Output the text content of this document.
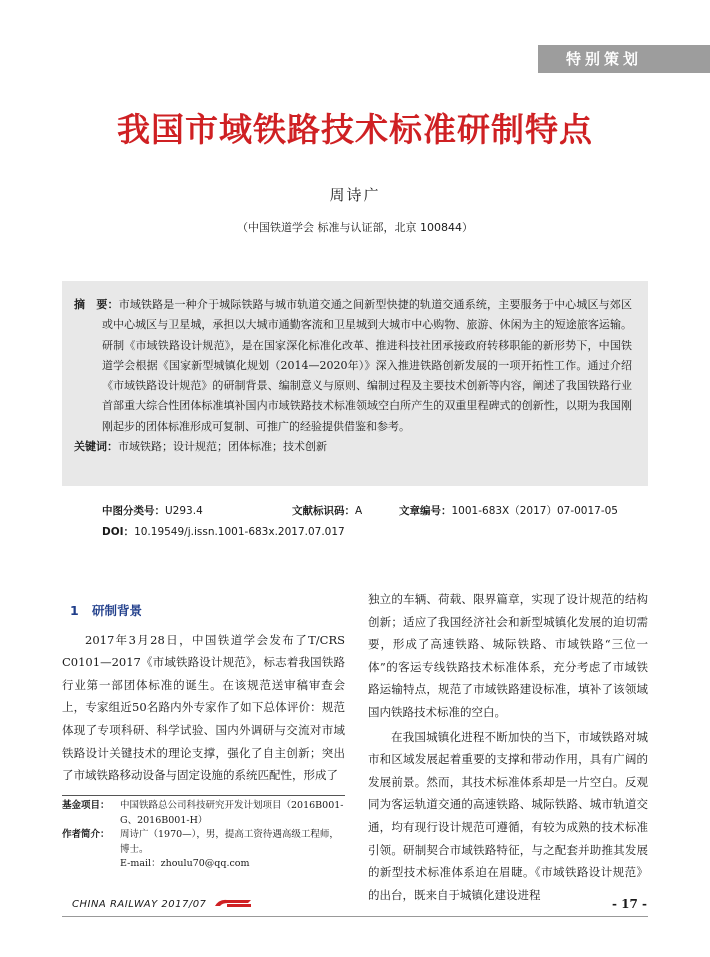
特别策划
我国市域铁路技术标准研制特点
周诗广
（中国铁道学会 标准与认证部，北京 100844）

摘　要：市域铁路是一种介于城际铁路与城市轨道交通之间新型快捷的轨道交通系统，主要服务于中心城区与郊区或中心城区与卫星城，承担以大城市通勤客流和卫星城到大城市中心购物、旅游、休闲为主的短途旅客运输。研制《市域铁路设计规范》，是在国家深化标准化改革、推进科技社团承接政府转移职能的新形势下，中国铁道学会根据《国家新型城镇化规划（2014—2020年）》深入推进铁路创新发展的一项开拓性工作。通过介绍《市域铁路设计规范》的研制背景、编制意义与原则、编制过程及主要技术创新等内容，阐述了我国铁路行业首部重大综合性团体标准填补国内市域铁路技术标准领域空白所产生的双重里程碑式的创新性，以期为我国刚刚起步的团体标准形成可复制、可推广的经验提供借鉴和参考。

关键词：市域铁路；设计规范；团体标准；技术创新

中图分类号：U293.4	文献标识码：A	文章编号：1001-683X（2017）07-0017-05
DOI：10.19549/j.issn.1001-683x.2017.07.017
1 研制背景

2017年3月28日，中国铁道学会发布了T/CRS C0101—2017《市域铁路设计规范》，标志着我国铁路行业第一部团体标准的诞生。在该规范送审稿审查会上，专家组近50名路内外专家作了如下总体评价：规范体现了专项科研、科学试验、国内外调研与交流对市域铁路设计关键技术的理论支撑，强化了自主创新；突出了市域铁路移动设备与固定设施的系统匹配性，形成了

独立的车辆、荷载、限界篇章，实现了设计规范的结构创新；适应了我国经济社会和新型城镇化发展的迫切需要，形成了高速铁路、城际铁路、市域铁路“三位一体”的客运专线铁路技术标准体系，充分考虑了市域铁路运输特点，规范了市域铁路建设标准，填补了该领域国内铁路技术标准的空白。

在我国城镇化进程不断加快的当下，市域铁路对城市和区域发展起着重要的支撑和带动作用，具有广阔的发展前景。然而，其技术标准体系却是一片空白。反观同为客运轨道交通的高速铁路、城际铁路、城市轨道交通，均有现行设计规范可遵循，有较为成熟的技术标准引领。研制契合市域铁路特征，与之配套并助推其发展的新型技术标准体系迫在眉睫。《市域铁路设计规范》的出台，既来自于城镇化建设进程

基金项目：	中国铁路总公司科技研究开发计划项目（2016B001-G、2016B001-H）
作者简介：	周诗广（1970—），男，提高工资待遇高级工程师，博士。
E-mail：zhoulu70@qq.com
CHINA RAILWAY 2017/07	- 17 -
